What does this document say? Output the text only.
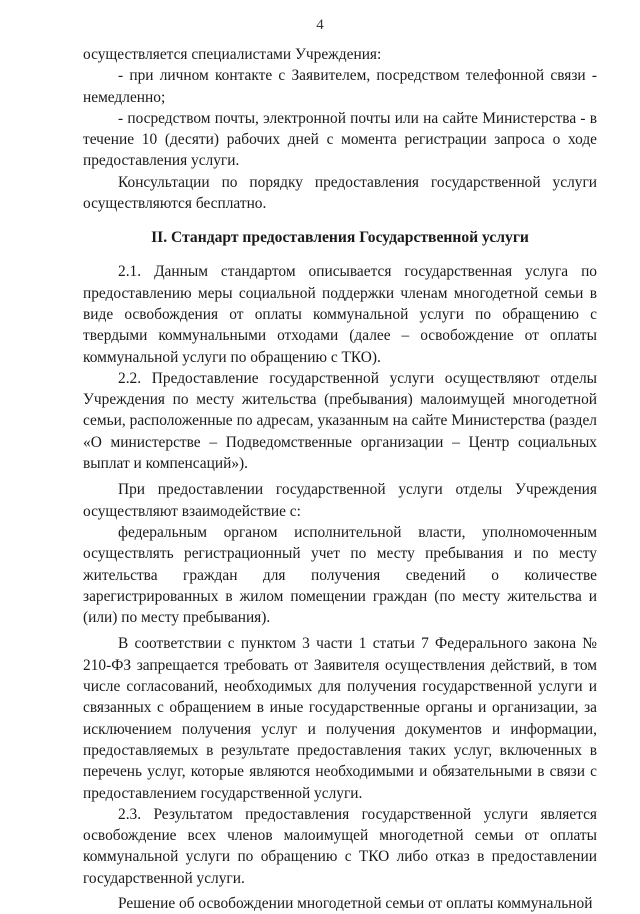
4

осуществляется специалистами Учреждения:

- при личном контакте с Заявителем, посредством телефонной связи - немедленно;

- посредством почты, электронной почты или на сайте Министерства - в течение 10 (десяти) рабочих дней с момента регистрации запроса о ходе предоставления услуги.

Консультации по порядку предоставления государственной услуги осуществляются бесплатно.

II. Стандарт предоставления Государственной услуги

2.1. Данным стандартом описывается государственная услуга по предоставлению меры социальной поддержки членам многодетной семьи в виде освобождения от оплаты коммунальной услуги по обращению с твердыми коммунальными отходами (далее – освобождение от оплаты коммунальной услуги по обращению с ТКО).

2.2. Предоставление государственной услуги осуществляют отделы Учреждения по месту жительства (пребывания) малоимущей многодетной семьи, расположенные по адресам, указанным на сайте Министерства (раздел «О министерстве – Подведомственные организации – Центр социальных выплат и компенсаций»).

При предоставлении государственной услуги отделы Учреждения осуществляют взаимодействие с:

федеральным органом исполнительной власти, уполномоченным осуществлять регистрационный учет по месту пребывания и по месту жительства граждан для получения сведений о количестве зарегистрированных в жилом помещении граждан (по месту жительства и (или) по месту пребывания).

В соответствии с пунктом 3 части 1 статьи 7 Федерального закона № 210-ФЗ запрещается требовать от Заявителя осуществления действий, в том числе согласований, необходимых для получения государственной услуги и связанных с обращением в иные государственные органы и организации, за исключением получения услуг и получения документов и информации, предоставляемых в результате предоставления таких услуг, включенных в перечень услуг, которые являются необходимыми и обязательными в связи с предоставлением государственной услуги.

2.3. Результатом предоставления государственной услуги является освобождение всех членов малоимущей многодетной семьи от оплаты коммунальной услуги по обращению с ТКО либо отказ в предоставлении государственной услуги.

Решение об освобождении многодетной семьи от оплаты коммунальной
